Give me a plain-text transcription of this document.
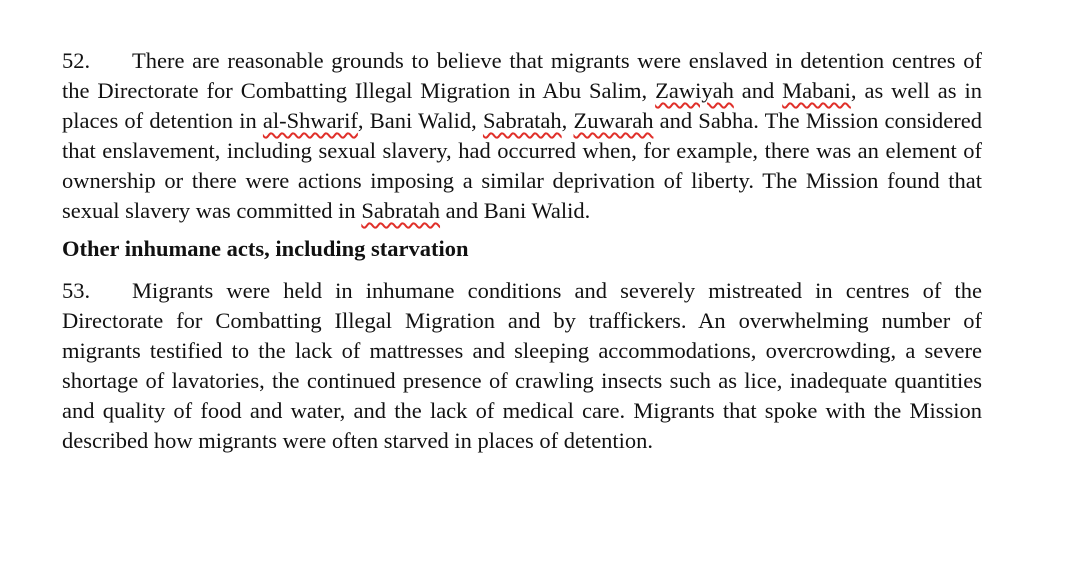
52. There are reasonable grounds to believe that migrants were enslaved in detention centres of the Directorate for Combatting Illegal Migration in Abu Salim, Zawiyah and Mabani, as well as in places of detention in al-Shwarif, Bani Walid, Sabratah, Zuwarah and Sabha. The Mission considered that enslavement, including sexual slavery, had occurred when, for example, there was an element of ownership or there were actions imposing a similar deprivation of liberty. The Mission found that sexual slavery was committed in Sabratah and Bani Walid.

Other inhumane acts, including starvation

53. Migrants were held in inhumane conditions and severely mistreated in centres of the Directorate for Combatting Illegal Migration and by traffickers. An overwhelming number of migrants testified to the lack of mattresses and sleeping accommodations, overcrowding, a severe shortage of lavatories, the continued presence of crawling insects such as lice, inadequate quantities and quality of food and water, and the lack of medical care. Migrants that spoke with the Mission described how migrants were often starved in places of detention.
